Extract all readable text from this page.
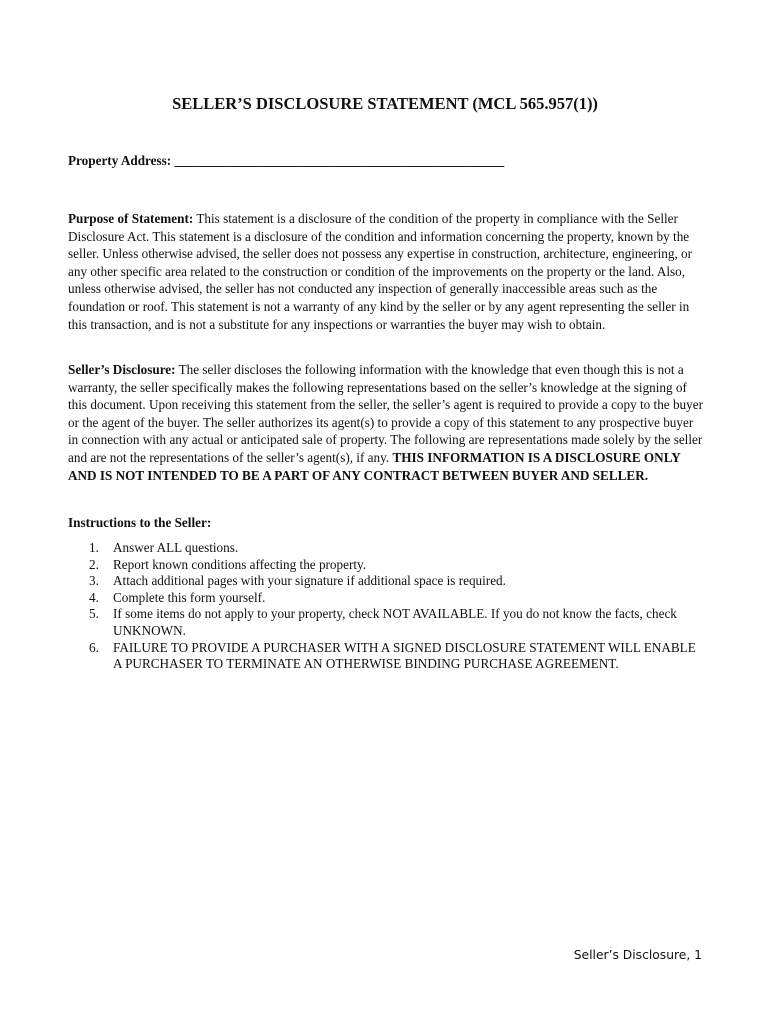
SELLER’S DISCLOSURE STATEMENT (MCL 565.957(1))
Property Address: __________________________________________________
Purpose of Statement: This statement is a disclosure of the condition of the property in compliance with the Seller Disclosure Act. This statement is a disclosure of the condition and information concerning the property, known by the seller. Unless otherwise advised, the seller does not possess any expertise in construction, architecture, engineering, or any other specific area related to the construction or condition of the improvements on the property or the land. Also, unless otherwise advised, the seller has not conducted any inspection of generally inaccessible areas such as the foundation or roof. This statement is not a warranty of any kind by the seller or by any agent representing the seller in this transaction, and is not a substitute for any inspections or warranties the buyer may wish to obtain.
Seller’s Disclosure: The seller discloses the following information with the knowledge that even though this is not a warranty, the seller specifically makes the following representations based on the seller’s knowledge at the signing of this document. Upon receiving this statement from the seller, the seller’s agent is required to provide a copy to the buyer or the agent of the buyer. The seller authorizes its agent(s) to provide a copy of this statement to any prospective buyer in connection with any actual or anticipated sale of property. The following are representations made solely by the seller and are not the representations of the seller’s agent(s), if any. THIS INFORMATION IS A DISCLOSURE ONLY AND IS NOT INTENDED TO BE A PART OF ANY CONTRACT BETWEEN BUYER AND SELLER.
Instructions to the Seller:
1. Answer ALL questions.
2. Report known conditions affecting the property.
3. Attach additional pages with your signature if additional space is required.
4. Complete this form yourself.
5. If some items do not apply to your property, check NOT AVAILABLE. If you do not know the facts, check UNKNOWN.
6. FAILURE TO PROVIDE A PURCHASER WITH A SIGNED DISCLOSURE STATEMENT WILL ENABLE A PURCHASER TO TERMINATE AN OTHERWISE BINDING PURCHASE AGREEMENT.
Seller’s Disclosure, 1
